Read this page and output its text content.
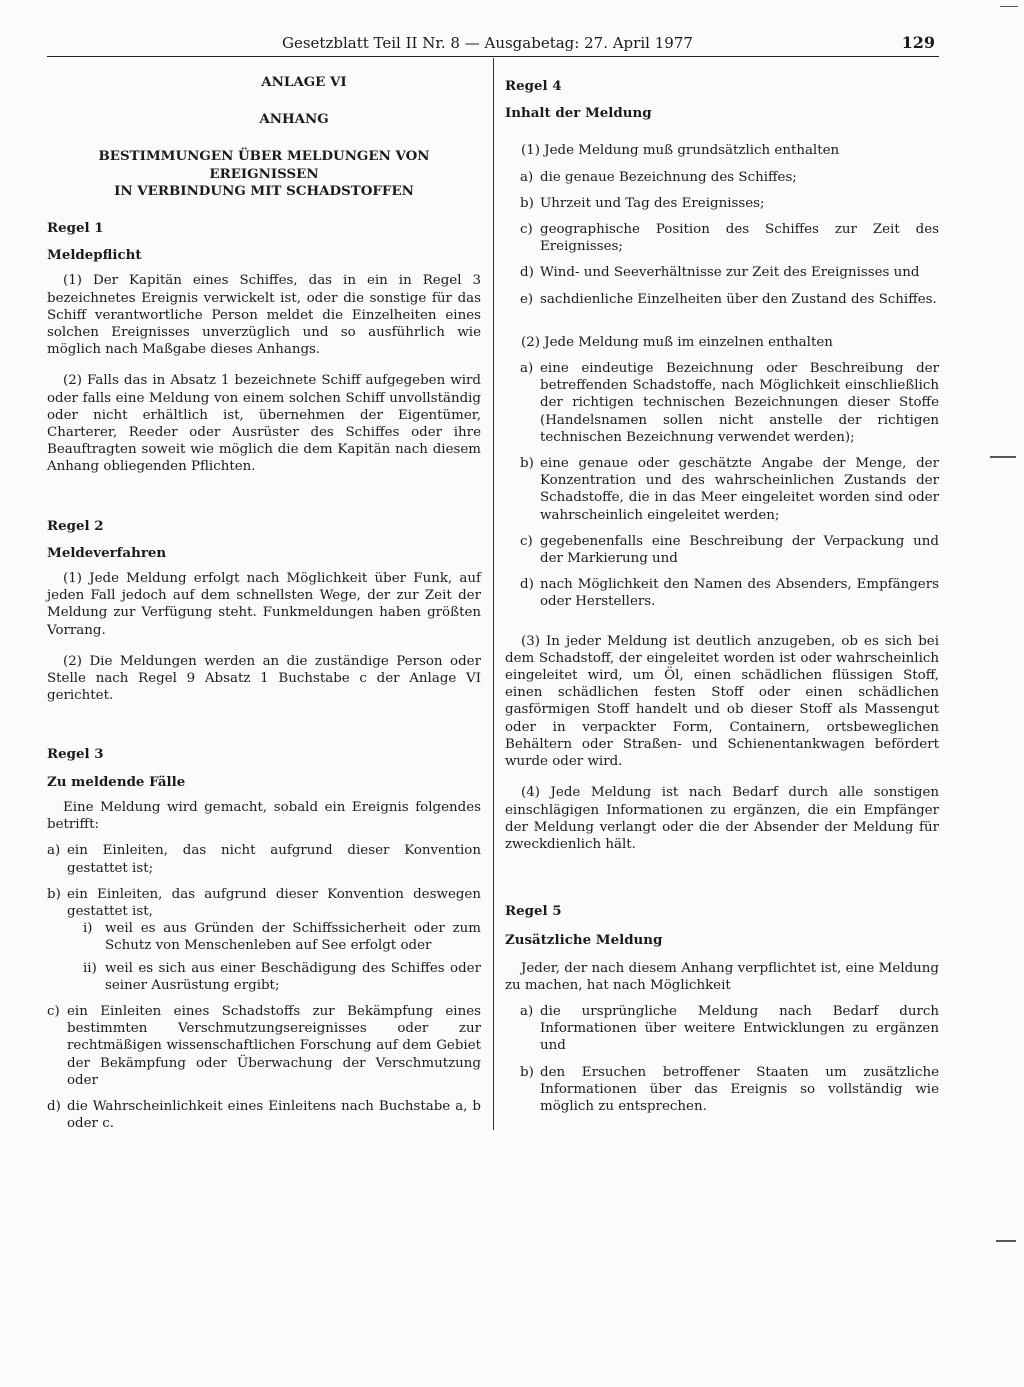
Gesetzblatt Teil II Nr. 8 — Ausgabetag: 27. April 1977	129

ANLAGE VI

ANHANG

BESTIMMUNGEN ÜBER MELDUNGEN VON EREIGNISSEN

IN VERBINDUNG MIT SCHADSTOFFEN

Regel 1

Meldepflicht

(1) Der Kapitän eines Schiffes, das in ein in Regel 3 bezeichnetes Ereignis verwickelt ist, oder die sonstige für das Schiff verantwortliche Person meldet die Einzelheiten eines solchen Ereignisses unverzüglich und so ausführlich wie möglich nach Maßgabe dieses Anhangs.

(2) Falls das in Absatz 1 bezeichnete Schiff aufgegeben wird oder falls eine Meldung von einem solchen Schiff unvollständig oder nicht erhältlich ist, übernehmen der Eigentümer, Charterer, Reeder oder Ausrüster des Schiffes oder ihre Beauftragten soweit wie möglich die dem Kapitän nach diesem Anhang obliegenden Pflichten.

Regel 2

Meldeverfahren

(1) Jede Meldung erfolgt nach Möglichkeit über Funk, auf jeden Fall jedoch auf dem schnellsten Wege, der zur Zeit der Meldung zur Verfügung steht. Funkmeldungen haben größten Vorrang.

(2) Die Meldungen werden an die zuständige Person oder Stelle nach Regel 9 Absatz 1 Buchstabe c der Anlage VI gerichtet.

Regel 3

Zu meldende Fälle

Eine Meldung wird gemacht, sobald ein Ereignis folgendes betrifft:

a) ein Einleiten, das nicht aufgrund dieser Konvention gestattet ist;
b) ein Einleiten, das aufgrund dieser Konvention deswegen gestattet ist,
i) weil es aus Gründen der Schiffssicherheit oder zum Schutz von Menschenleben auf See erfolgt oder
ii) weil es sich aus einer Beschädigung des Schiffes oder seiner Ausrüstung ergibt;
c) ein Einleiten eines Schadstoffs zur Bekämpfung eines bestimmten Verschmutzungsereignisses oder zur rechtmäßigen wissenschaftlichen Forschung auf dem Gebiet der Bekämpfung oder Überwachung der Verschmutzung oder
d) die Wahrscheinlichkeit eines Einleitens nach Buchstabe a, b oder c.

Regel 4

Inhalt der Meldung

(1) Jede Meldung muß grundsätzlich enthalten

a) die genaue Bezeichnung des Schiffes;
b) Uhrzeit und Tag des Ereignisses;
c) geographische Position des Schiffes zur Zeit des Ereignisses;
d) Wind- und Seeverhältnisse zur Zeit des Ereignisses und
e) sachdienliche Einzelheiten über den Zustand des Schiffes.

(2) Jede Meldung muß im einzelnen enthalten

a) eine eindeutige Bezeichnung oder Beschreibung der betreffenden Schadstoffe, nach Möglichkeit einschließlich der richtigen technischen Bezeichnungen dieser Stoffe (Handelsnamen sollen nicht anstelle der richtigen technischen Bezeichnung verwendet werden);
b) eine genaue oder geschätzte Angabe der Menge, der Konzentration und des wahrscheinlichen Zustands der Schadstoffe, die in das Meer eingeleitet worden sind oder wahrscheinlich eingeleitet werden;
c) gegebenenfalls eine Beschreibung der Verpackung und der Markierung und
d) nach Möglichkeit den Namen des Absenders, Empfängers oder Herstellers.

(3) In jeder Meldung ist deutlich anzugeben, ob es sich bei dem Schadstoff, der eingeleitet worden ist oder wahrscheinlich eingeleitet wird, um Öl, einen schädlichen flüssigen Stoff, einen schädlichen festen Stoff oder einen schädlichen gasförmigen Stoff handelt und ob dieser Stoff als Massengut oder in verpackter Form, Containern, ortsbeweglichen Behältern oder Straßen- und Schienentankwagen befördert wurde oder wird.

(4) Jede Meldung ist nach Bedarf durch alle sonstigen einschlägigen Informationen zu ergänzen, die ein Empfänger der Meldung verlangt oder die der Absender der Meldung für zweckdienlich hält.

Regel 5

Zusätzliche Meldung

Jeder, der nach diesem Anhang verpflichtet ist, eine Meldung zu machen, hat nach Möglichkeit

a) die ursprüngliche Meldung nach Bedarf durch Informationen über weitere Entwicklungen zu ergänzen und
b) den Ersuchen betroffener Staaten um zusätzliche Informationen über das Ereignis so vollständig wie möglich zu entsprechen.
